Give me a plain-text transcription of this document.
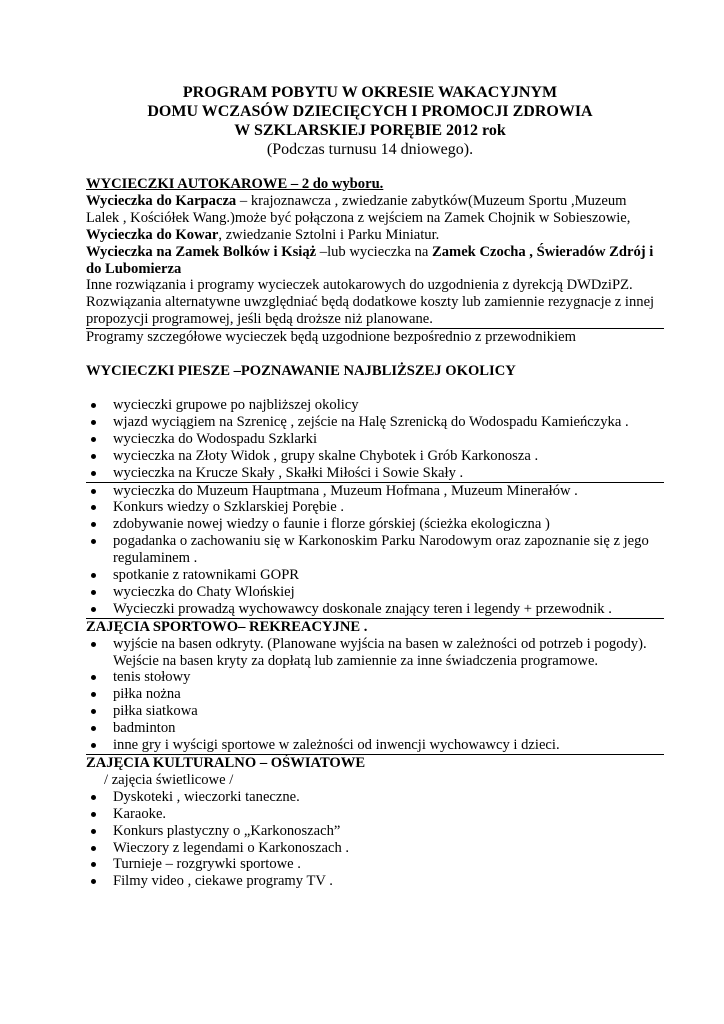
PROGRAM POBYTU W OKRESIE WAKACYJNYM
DOMU WCZASÓW DZIECIĘCYCH I PROMOCJI ZDROWIA
W SZKLARSKIEJ PORĘBIE 2012 rok
(Podczas turnusu 14 dniowego).

WYCIECZKI AUTOKAROWE – 2 do wyboru.

Wycieczka do Karpacza – krajoznawcza , zwiedzanie zabytków(Muzeum Sportu ,Muzeum Lalek , Kościółek Wang.)może być połączona z wejściem na Zamek Chojnik w Sobieszowie,

Wycieczka do Kowar, zwiedzanie Sztolni i Parku Miniatur.

Wycieczka na Zamek Bolków i Książ –lub wycieczka na Zamek Czocha , Świeradów Zdrój i do Lubomierza

Inne rozwiązania i programy wycieczek autokarowych do uzgodnienia z dyrekcją DWDziPZ. Rozwiązania alternatywne uwzględniać będą dodatkowe koszty lub zamiennie rezygnacje z innej propozycji programowej, jeśli będą droższe niż planowane.

Programy szczegółowe wycieczek będą uzgodnione bezpośrednio z przewodnikiem

WYCIECZKI PIESZE –POZNAWANIE NAJBLIŻSZEJ OKOLICY

wycieczki grupowe po najbliższej okolicy
wjazd wyciągiem na Szrenicę , zejście na Halę Szrenicką do Wodospadu Kamieńczyka .
wycieczka do Wodospadu Szklarki
wycieczka na Złoty Widok , grupy skalne Chybotek i Grób Karkonosza .
wycieczka na Krucze Skały , Skałki Miłości i Sowie Skały .
wycieczka do Muzeum Hauptmana , Muzeum Hofmana , Muzeum Minerałów .
Konkurs wiedzy o Szklarskiej Porębie .
zdobywanie nowej wiedzy o faunie i florze górskiej (ścieżka ekologiczna )
pogadanka o zachowaniu się w Karkonoskim Parku Narodowym oraz zapoznanie się z jego regulaminem .
spotkanie z ratownikami GOPR
wycieczka do Chaty Wlońskiej
Wycieczki prowadzą wychowawcy doskonale znający teren i legendy + przewodnik .

ZAJĘCIA SPORTOWO– REKREACYJNE .

wyjście na basen odkryty. (Planowane wyjścia na basen w zależności od potrzeb i pogody). Wejście na basen kryty za dopłatą lub zamiennie za inne świadczenia programowe.
tenis stołowy
piłka nożna
piłka siatkowa
badminton
inne gry i wyścigi sportowe w zależności od inwencji wychowawcy i dzieci.

ZAJĘCIA KULTURALNO – OŚWIATOWE

/ zajęcia świetlicowe /

Dyskoteki , wieczorki taneczne.
Karaoke.
Konkurs plastyczny o „Karkonoszach”
Wieczory z legendami o Karkonoszach .
Turnieje – rozgrywki sportowe .
Filmy video , ciekawe programy TV .
